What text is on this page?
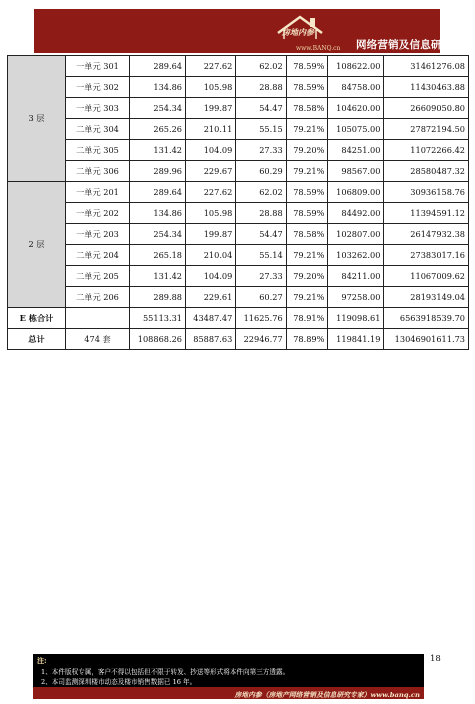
房地内参
www.BANQ.cn 网络营销及信息研究专家
3 层	一单元 301	289.64	227.62	62.02	78.59%	108622.00	31461276.08
	一单元 302	134.86	105.98	28.88	78.59%	84758.00	11430463.88
	一单元 303	254.34	199.87	54.47	78.58%	104620.00	26609050.80
	二单元 304	265.26	210.11	55.15	79.21%	105075.00	27872194.50
	二单元 305	131.42	104.09	27.33	79.20%	84251.00	11072266.42
	二单元 306	289.96	229.67	60.29	79.21%	98567.00	28580487.32
2 层	一单元 201	289.64	227.62	62.02	78.59%	106809.00	30936158.76
	一单元 202	134.86	105.98	28.88	78.59%	84492.00	11394591.12
	一单元 203	254.34	199.87	54.47	78.58%	102807.00	26147932.38
	二单元 204	265.18	210.04	55.14	79.21%	103262.00	27383017.16
	二单元 205	131.42	104.09	27.33	79.20%	84211.00	11067009.62
	二单元 206	289.88	229.61	60.27	79.21%	97258.00	28193149.04
E 栋合计		55113.31	43487.47	11625.76	78.91%	119098.61	6563918539.70
总计	474 套	108868.26	85887.63	22946.77	78.89%	119841.19	13046901611.73
注:
1、本件版权专属，客户不得以包括但不限于转发、抄送等形式将本件向第三方透露。
2、本司监测深圳楼市动态及楼市销售数据已 16 年。
房地内参（房地产网络营销及信息研究专家）www.banq.cn
18
